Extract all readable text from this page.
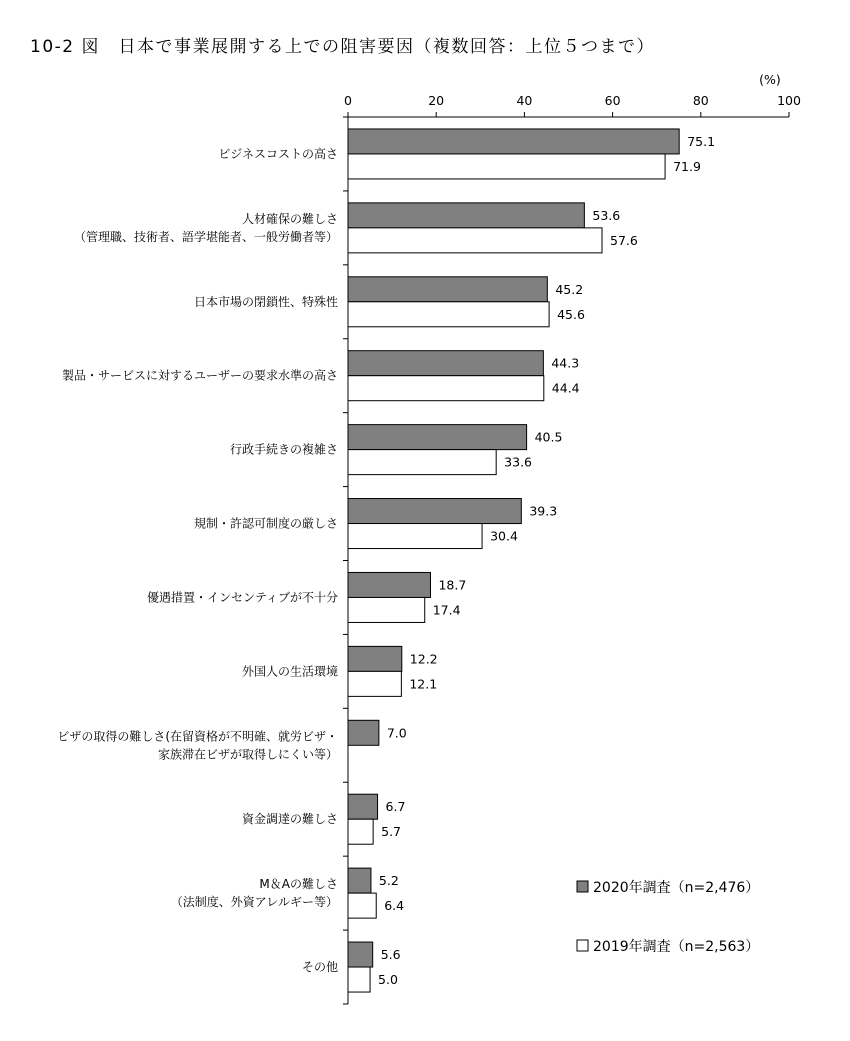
10-2 図　日本で事業展開する上での阻害要因（複数回答：上位５つまで）
(%)
0	20	40	60	80	100
ビジネスコストの高さ
人材確保の難しさ
（管理職、技術者、語学堪能者、一般労働者等）
日本市場の閉鎖性、特殊性
製品・サービスに対するユーザーの要求水準の高さ
行政手続きの複雑さ
規制・許認可制度の厳しさ
優遇措置・インセンティブが不十分
外国人の生活環境
ビザの取得の難しさ(在留資格が不明確、就労ビザ・
家族滞在ビザが取得しにくい等）
資金調達の難しさ
M＆Aの難しさ
（法制度、外資アレルギー等）
その他
75.1
53.6
45.2
44.3
40.5
39.3
18.7
12.2
7.0
6.7
5.2
5.6
71.9
57.6
45.6
44.4
33.6
30.4
17.4
12.1
5.7
6.4
5.0
2020年調査（n=2,476）
2019年調査（n=2,563）
